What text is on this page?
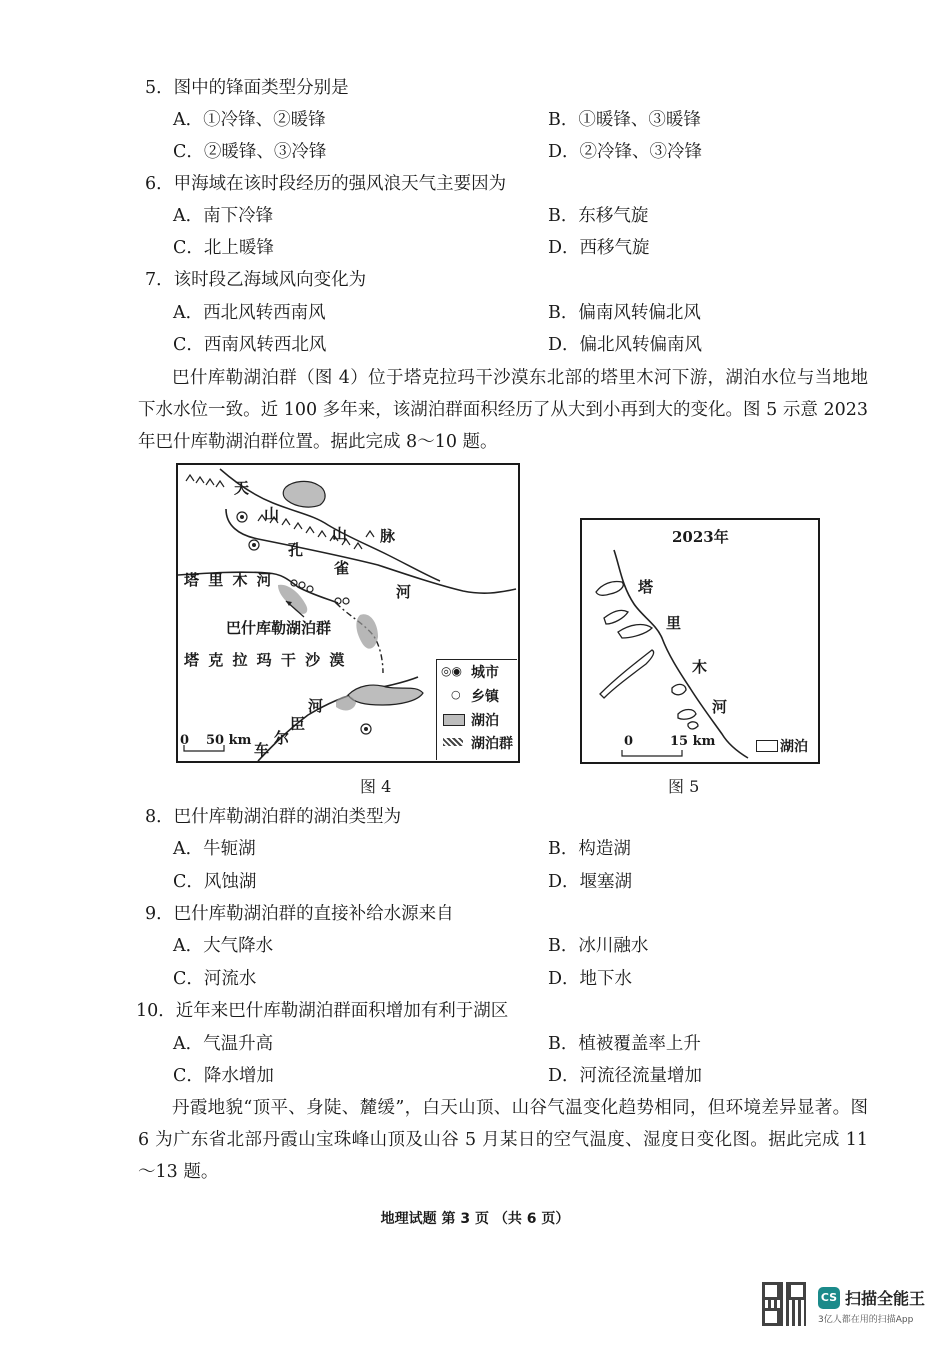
5．图中的锋面类型分别是
A．①冷锋、②暖锋	B．①暖锋、③暖锋
C．②暖锋、③冷锋	D．②冷锋、③冷锋
6．甲海域在该时段经历的强风浪天气主要因为
A．南下冷锋	B．东移气旋
C．北上暖锋	D．西移气旋
7．该时段乙海域风向变化为
A．西北风转西南风	B．偏南风转偏北风
C．西南风转西北风	D．偏北风转偏南风
巴什库勒湖泊群（图 4）位于塔克拉玛干沙漠东北部的塔里木河下游，湖泊水位与当地地下水水位一致。近 100 多年来，该湖泊群面积经历了从大到小再到大的变化。图 5 示意 2023 年巴什库勒湖泊群位置。据此完成 8～10 题。
天
山
山 脉
孔
雀
河
塔 里 木 河
巴什库勒湖泊群
塔 克 拉 玛 干 沙 漠
河
臣
尔
车
0 50 km
◎◉ 城市
○ 乡镇
湖泊
湖泊群
图 4
2023年
塔
里
木
河
0	15 km	湖泊
图 5
8．巴什库勒湖泊群的湖泊类型为
A．牛轭湖	B．构造湖
C．风蚀湖	D．堰塞湖
9．巴什库勒湖泊群的直接补给水源来自
A．大气降水	B．冰川融水
C．河流水	D．地下水
10．近年来巴什库勒湖泊群面积增加有利于湖区
A．气温升高	B．植被覆盖率上升
C．降水增加	D．河流径流量增加
丹霞地貌“顶平、身陡、麓缓”，白天山顶、山谷气温变化趋势相同，但环境差异显著。图 6 为广东省北部丹霞山宝珠峰山顶及山谷 5 月某日的空气温度、湿度日变化图。据此完成 11～13 题。
地理试题 第 3 页 （共 6 页）
CS 扫描全能王
3亿人都在用的扫描App
